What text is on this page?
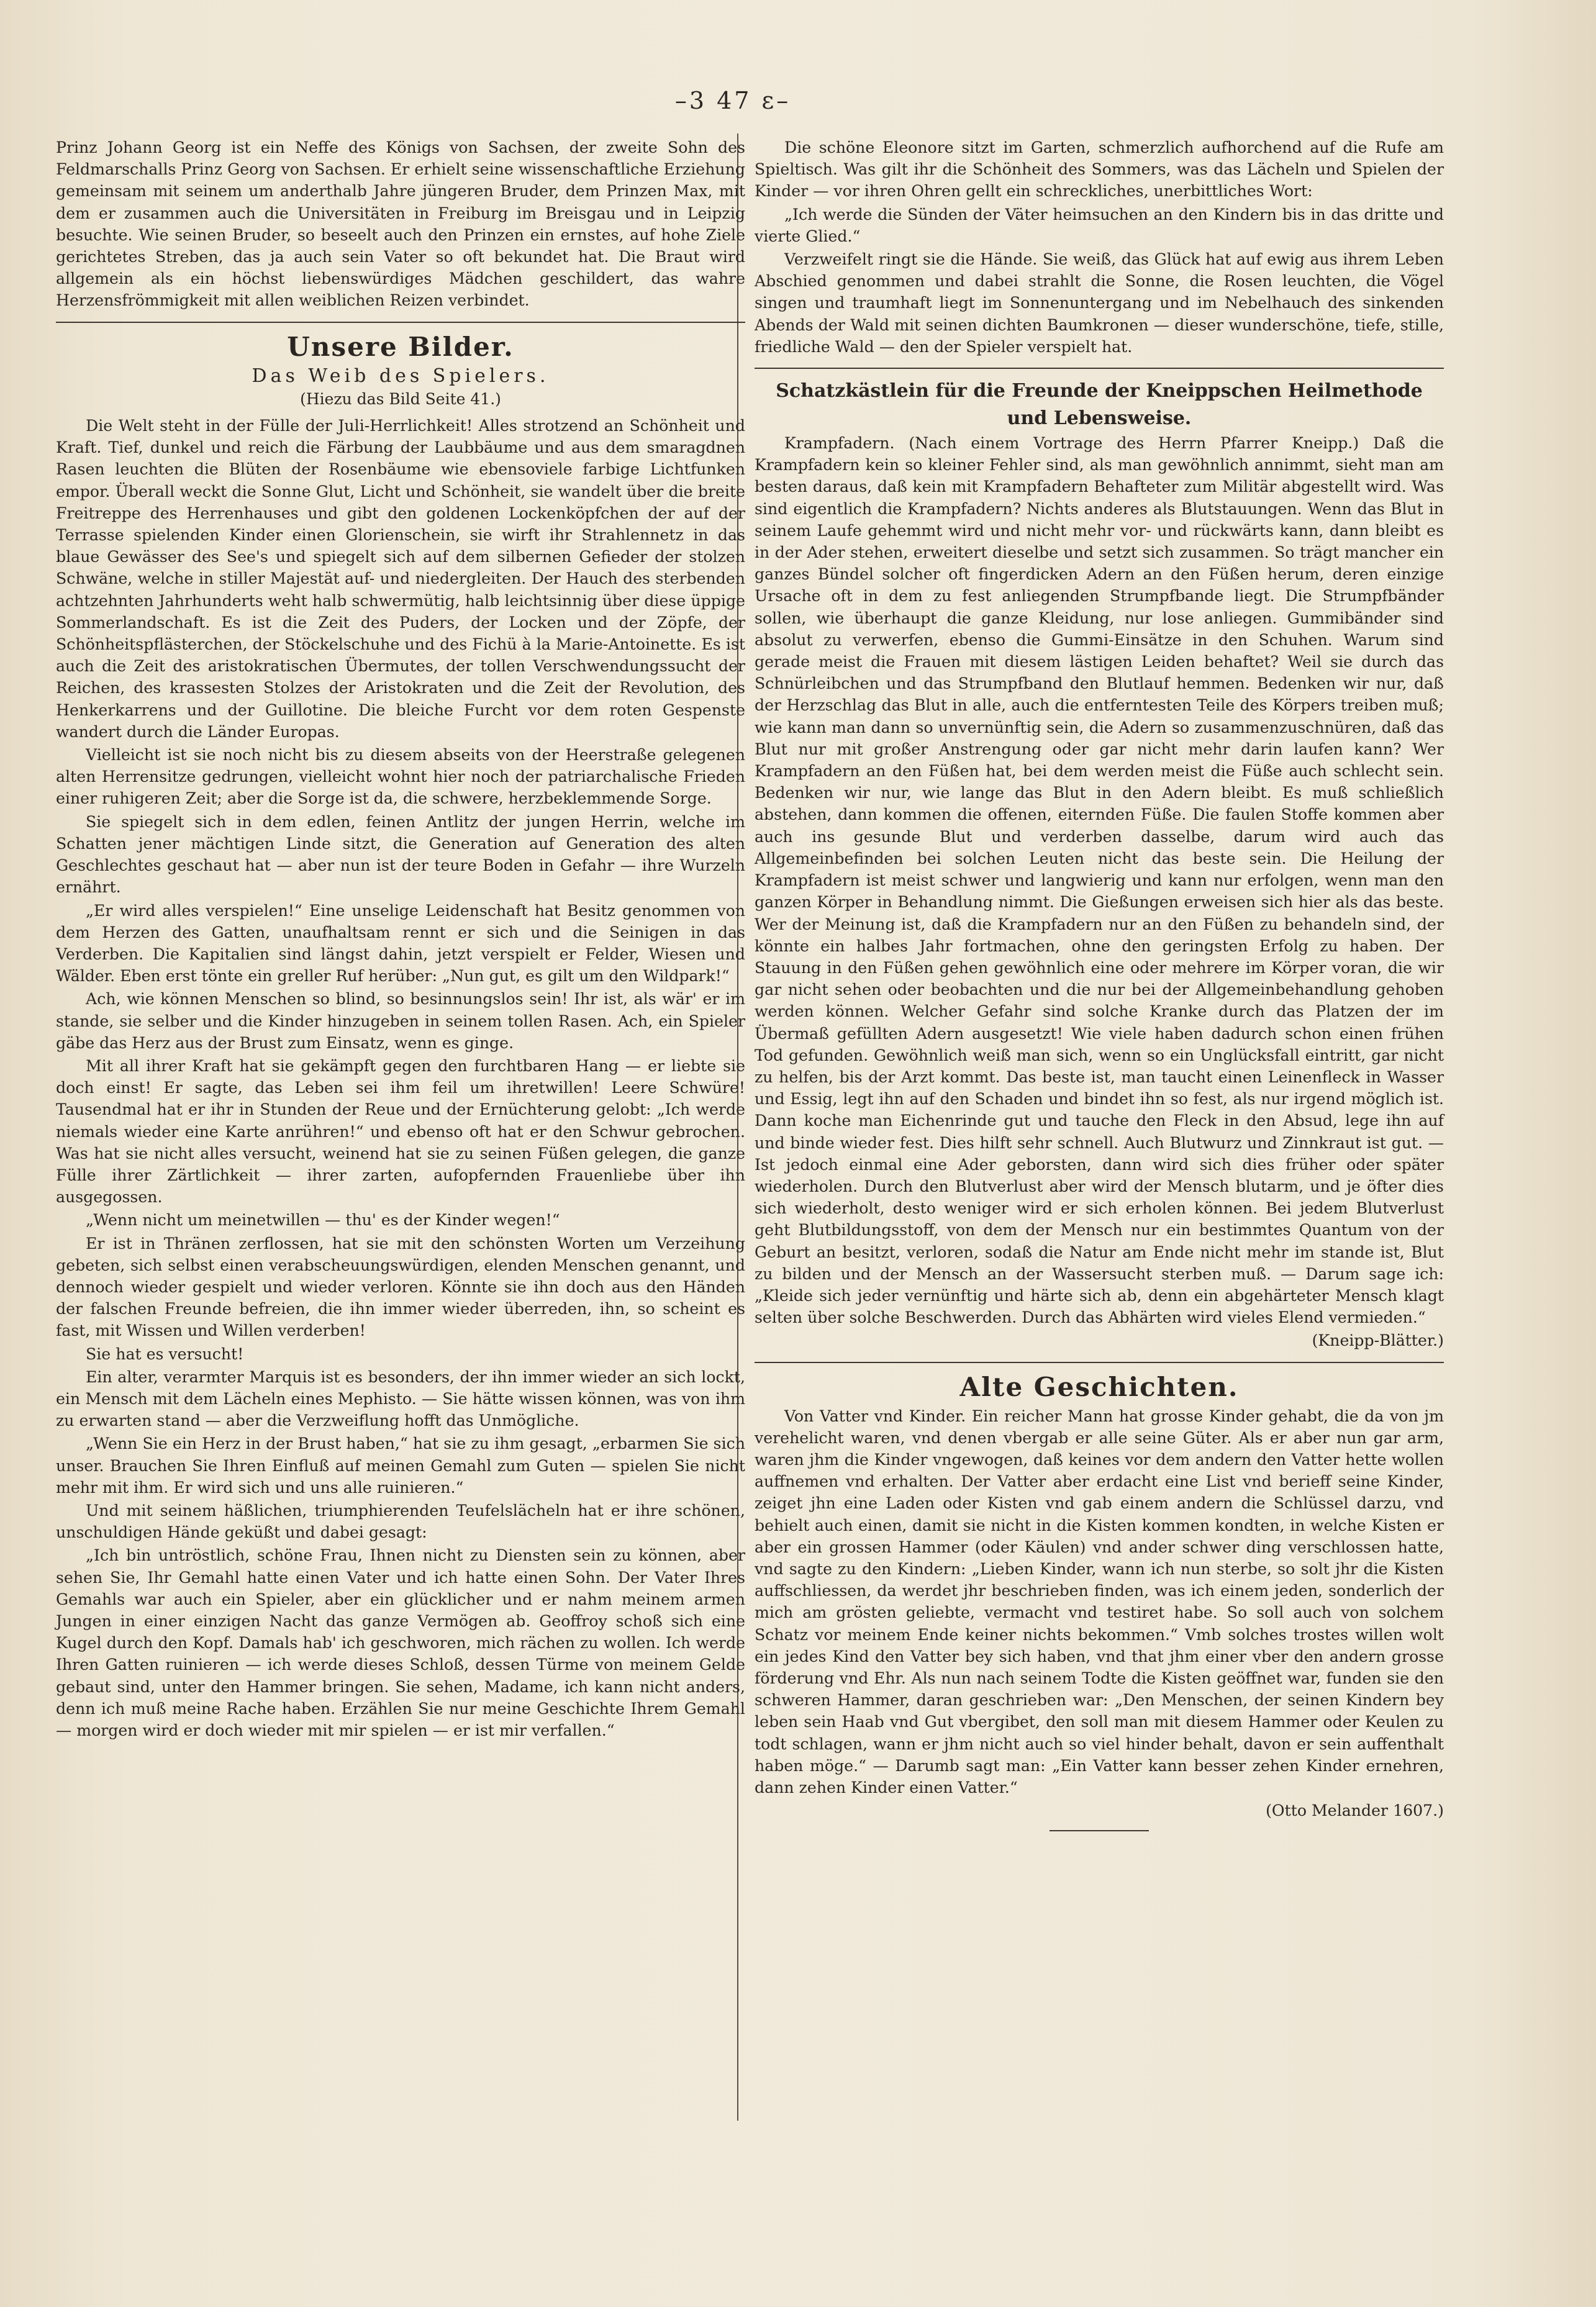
–3 47 ε–

Prinz Johann Georg ist ein Neffe des Königs von Sachsen, der zweite Sohn des Feldmarschalls Prinz Georg von Sachsen. Er erhielt seine wissenschaftliche Erziehung gemeinsam mit seinem um anderthalb Jahre jüngeren Bruder, dem Prinzen Max, mit dem er zusammen auch die Universitäten in Freiburg im Breisgau und in Leipzig besuchte. Wie seinen Bruder, so beseelt auch den Prinzen ein ernstes, auf hohe Ziele gerichtetes Streben, das ja auch sein Vater so oft bekundet hat. Die Braut wird allgemein als ein höchst liebenswürdiges Mädchen geschildert, das wahre Herzensfrömmigkeit mit allen weiblichen Reizen verbindet.

Unsere Bilder.
Das Weib des Spielers.
(Hiezu das Bild Seite 41.)

Die Welt steht in der Fülle der Juli-Herrlichkeit! Alles strotzend an Schönheit und Kraft. Tief, dunkel und reich die Färbung der Laubbäume und aus dem smaragdnen Rasen leuchten die Blüten der Rosenbäume wie ebensoviele farbige Lichtfunken empor. Überall weckt die Sonne Glut, Licht und Schönheit, sie wandelt über die breite Freitreppe des Herrenhauses und gibt den goldenen Lockenköpfchen der auf der Terrasse spielenden Kinder einen Glorienschein, sie wirft ihr Strahlennetz in das blaue Gewässer des See's und spiegelt sich auf dem silbernen Gefieder der stolzen Schwäne, welche in stiller Majestät auf- und niedergleiten. Der Hauch des sterbenden achtzehnten Jahrhunderts weht halb schwermütig, halb leichtsinnig über diese üppige Sommerlandschaft. Es ist die Zeit des Puders, der Locken und der Zöpfe, der Schönheitspflästerchen, der Stöckelschuhe und des Fichü à la Marie-Antoinette. Es ist auch die Zeit des aristokratischen Übermutes, der tollen Verschwendungssucht der Reichen, des krassesten Stolzes der Aristokraten und die Zeit der Revolution, des Henkerkarrens und der Guillotine. Die bleiche Furcht vor dem roten Gespenste wandert durch die Länder Europas.

Vielleicht ist sie noch nicht bis zu diesem abseits von der Heerstraße gelegenen alten Herrensitze gedrungen, vielleicht wohnt hier noch der patriarchalische Frieden einer ruhigeren Zeit; aber die Sorge ist da, die schwere, herzbeklemmende Sorge.

Sie spiegelt sich in dem edlen, feinen Antlitz der jungen Herrin, welche im Schatten jener mächtigen Linde sitzt, die Generation auf Generation des alten Geschlechtes geschaut hat — aber nun ist der teure Boden in Gefahr — ihre Wurzeln ernährt.

„Er wird alles verspielen!“ Eine unselige Leidenschaft hat Besitz genommen von dem Herzen des Gatten, unaufhaltsam rennt er sich und die Seinigen in das Verderben. Die Kapitalien sind längst dahin, jetzt verspielt er Felder, Wiesen und Wälder. Eben erst tönte ein greller Ruf herüber: „Nun gut, es gilt um den Wildpark!“

Ach, wie können Menschen so blind, so besinnungslos sein! Ihr ist, als wär' er im stande, sie selber und die Kinder hinzugeben in seinem tollen Rasen. Ach, ein Spieler gäbe das Herz aus der Brust zum Einsatz, wenn es ginge.

Mit all ihrer Kraft hat sie gekämpft gegen den furchtbaren Hang — er liebte sie doch einst! Er sagte, das Leben sei ihm feil um ihretwillen! Leere Schwüre! Tausendmal hat er ihr in Stunden der Reue und der Ernüchterung gelobt: „Ich werde niemals wieder eine Karte anrühren!“ und ebenso oft hat er den Schwur gebrochen. Was hat sie nicht alles versucht, weinend hat sie zu seinen Füßen gelegen, die ganze Fülle ihrer Zärtlichkeit — ihrer zarten, aufopfernden Frauenliebe über ihn ausgegossen.

„Wenn nicht um meinetwillen — thu' es der Kinder wegen!“

Er ist in Thränen zerflossen, hat sie mit den schönsten Worten um Verzeihung gebeten, sich selbst einen verabscheuungswürdigen, elenden Menschen genannt, und dennoch wieder gespielt und wieder verloren. Könnte sie ihn doch aus den Händen der falschen Freunde befreien, die ihn immer wieder überreden, ihn, so scheint es fast, mit Wissen und Willen verderben!

Sie hat es versucht!

Ein alter, verarmter Marquis ist es besonders, der ihn immer wieder an sich lockt, ein Mensch mit dem Lächeln eines Mephisto. — Sie hätte wissen können, was von ihm zu erwarten stand — aber die Verzweiflung hofft das Unmögliche.

„Wenn Sie ein Herz in der Brust haben,“ hat sie zu ihm gesagt, „erbarmen Sie sich unser. Brauchen Sie Ihren Einfluß auf meinen Gemahl zum Guten — spielen Sie nicht mehr mit ihm. Er wird sich und uns alle ruinieren.“

Und mit seinem häßlichen, triumphierenden Teufelslächeln hat er ihre schönen, unschuldigen Hände geküßt und dabei gesagt:

„Ich bin untröstlich, schöne Frau, Ihnen nicht zu Diensten sein zu können, aber sehen Sie, Ihr Gemahl hatte einen Vater und ich hatte einen Sohn. Der Vater Ihres Gemahls war auch ein Spieler, aber ein glücklicher und er nahm meinem armen Jungen in einer einzigen Nacht das ganze Vermögen ab. Geoffroy schoß sich eine Kugel durch den Kopf. Damals hab' ich geschworen, mich rächen zu wollen. Ich werde Ihren Gatten ruinieren — ich werde dieses Schloß, dessen Türme von meinem Gelde gebaut sind, unter den Hammer bringen. Sie sehen, Madame, ich kann nicht anders, denn ich muß meine Rache haben. Erzählen Sie nur meine Geschichte Ihrem Gemahl — morgen wird er doch wieder mit mir spielen — er ist mir verfallen.“

Die schöne Eleonore sitzt im Garten, schmerzlich aufhorchend auf die Rufe am Spieltisch. Was gilt ihr die Schönheit des Sommers, was das Lächeln und Spielen der Kinder — vor ihren Ohren gellt ein schreckliches, unerbittliches Wort:

„Ich werde die Sünden der Väter heimsuchen an den Kindern bis in das dritte und vierte Glied.“

Verzweifelt ringt sie die Hände. Sie weiß, das Glück hat auf ewig aus ihrem Leben Abschied genommen und dabei strahlt die Sonne, die Rosen leuchten, die Vögel singen und traumhaft liegt im Sonnenuntergang und im Nebelhauch des sinkenden Abends der Wald mit seinen dichten Baumkronen — dieser wunderschöne, tiefe, stille, friedliche Wald — den der Spieler verspielt hat.

Schatzkästlein für die Freunde der Kneippschen Heilmethode und Lebensweise.

Krampfadern. (Nach einem Vortrage des Herrn Pfarrer Kneipp.) Daß die Krampfadern kein so kleiner Fehler sind, als man gewöhnlich annimmt, sieht man am besten daraus, daß kein mit Krampfadern Behafteter zum Militär abgestellt wird. Was sind eigentlich die Krampfadern? Nichts anderes als Blutstauungen. Wenn das Blut in seinem Laufe gehemmt wird und nicht mehr vor- und rückwärts kann, dann bleibt es in der Ader stehen, erweitert dieselbe und setzt sich zusammen. So trägt mancher ein ganzes Bündel solcher oft fingerdicken Adern an den Füßen herum, deren einzige Ursache oft in dem zu fest anliegenden Strumpfbande liegt. Die Strumpfbänder sollen, wie überhaupt die ganze Kleidung, nur lose anliegen. Gummibänder sind absolut zu verwerfen, ebenso die Gummi-Einsätze in den Schuhen. Warum sind gerade meist die Frauen mit diesem lästigen Leiden behaftet? Weil sie durch das Schnürleibchen und das Strumpfband den Blutlauf hemmen. Bedenken wir nur, daß der Herzschlag das Blut in alle, auch die entferntesten Teile des Körpers treiben muß; wie kann man dann so unvernünftig sein, die Adern so zusammenzuschnüren, daß das Blut nur mit großer Anstrengung oder gar nicht mehr darin laufen kann? Wer Krampfadern an den Füßen hat, bei dem werden meist die Füße auch schlecht sein. Bedenken wir nur, wie lange das Blut in den Adern bleibt. Es muß schließlich abstehen, dann kommen die offenen, eiternden Füße. Die faulen Stoffe kommen aber auch ins gesunde Blut und verderben dasselbe, darum wird auch das Allgemeinbefinden bei solchen Leuten nicht das beste sein. Die Heilung der Krampfadern ist meist schwer und langwierig und kann nur erfolgen, wenn man den ganzen Körper in Behandlung nimmt. Die Gießungen erweisen sich hier als das beste. Wer der Meinung ist, daß die Krampfadern nur an den Füßen zu behandeln sind, der könnte ein halbes Jahr fortmachen, ohne den geringsten Erfolg zu haben. Der Stauung in den Füßen gehen gewöhnlich eine oder mehrere im Körper voran, die wir gar nicht sehen oder beobachten und die nur bei der Allgemeinbehandlung gehoben werden können. Welcher Gefahr sind solche Kranke durch das Platzen der im Übermaß gefüllten Adern ausgesetzt! Wie viele haben dadurch schon einen frühen Tod gefunden. Gewöhnlich weiß man sich, wenn so ein Unglücksfall eintritt, gar nicht zu helfen, bis der Arzt kommt. Das beste ist, man taucht einen Leinenfleck in Wasser und Essig, legt ihn auf den Schaden und bindet ihn so fest, als nur irgend möglich ist. Dann koche man Eichenrinde gut und tauche den Fleck in den Absud, lege ihn auf und binde wieder fest. Dies hilft sehr schnell. Auch Blutwurz und Zinnkraut ist gut. — Ist jedoch einmal eine Ader geborsten, dann wird sich dies früher oder später wiederholen. Durch den Blutverlust aber wird der Mensch blutarm, und je öfter dies sich wiederholt, desto weniger wird er sich erholen können. Bei jedem Blutverlust geht Blutbildungsstoff, von dem der Mensch nur ein bestimmtes Quantum von der Geburt an besitzt, verloren, sodaß die Natur am Ende nicht mehr im stande ist, Blut zu bilden und der Mensch an der Wassersucht sterben muß. — Darum sage ich: „Kleide sich jeder vernünftig und härte sich ab, denn ein abgehärteter Mensch klagt selten über solche Beschwerden. Durch das Abhärten wird vieles Elend vermieden.“

(Kneipp-Blätter.)
Alte Geschichten.

Von Vatter vnd Kinder. Ein reicher Mann hat grosse Kinder gehabt, die da von jm verehelicht waren, vnd denen vbergab er alle seine Güter. Als er aber nun gar arm, waren jhm die Kinder vngewogen, daß keines vor dem andern den Vatter hette wollen auffnemen vnd erhalten. Der Vatter aber erdacht eine List vnd berieff seine Kinder, zeiget jhn eine Laden oder Kisten vnd gab einem andern die Schlüssel darzu, vnd behielt auch einen, damit sie nicht in die Kisten kommen kondten, in welche Kisten er aber ein grossen Hammer (oder Käulen) vnd ander schwer ding verschlossen hatte, vnd sagte zu den Kindern: „Lieben Kinder, wann ich nun sterbe, so solt jhr die Kisten auffschliessen, da werdet jhr beschrieben finden, was ich einem jeden, sonderlich der mich am grösten geliebte, vermacht vnd testiret habe. So soll auch von solchem Schatz vor meinem Ende keiner nichts bekommen.“ Vmb solches trostes willen wolt ein jedes Kind den Vatter bey sich haben, vnd that jhm einer vber den andern grosse förderung vnd Ehr. Als nun nach seinem Todte die Kisten geöffnet war, funden sie den schweren Hammer, daran geschrieben war: „Den Menschen, der seinen Kindern bey leben sein Haab vnd Gut vbergibet, den soll man mit diesem Hammer oder Keulen zu todt schlagen, wann er jhm nicht auch so viel hinder behalt, davon er sein auffenthalt haben möge.“ — Darumb sagt man: „Ein Vatter kann besser zehen Kinder ernehren, dann zehen Kinder einen Vatter.“

(Otto Melander 1607.)
